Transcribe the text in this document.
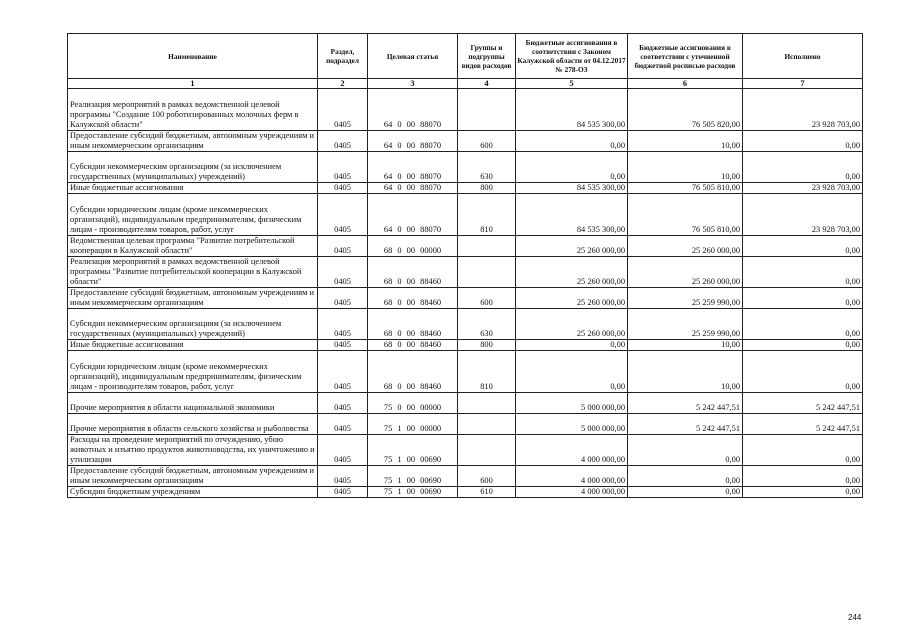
Наименование	Раздел, подраздел	Целевая статья	Группы и подгруппы видов расходов	Бюджетные ассигнования в соответствии с Законом Калужской области от 04.12.2017 № 278-ОЗ	Бюджетные ассигнования в соответствии с уточненной бюджетной росписью расходов	Исполнено
1	2	3	4	5	6	7
Реализация мероприятий в рамках ведомственной целевой программы "Создание 100 роботизированных молочных ферм в Калужской области"	0405	64 0 00 88070		84 535 300,00	76 505 820,00	23 928 703,00
Предоставление субсидий бюджетным, автономным учреждениям и иным некоммерческим организациям	0405	64 0 00 88070	600	0,00	10,00	0,00
Субсидии некоммерческим организациям (за исключением государственных (муниципальных) учреждений)	0405	64 0 00 88070	630	0,00	10,00	0,00
Иные бюджетные ассигнования	0405	64 0 00 88070	800	84 535 300,00	76 505 810,00	23 928 703,00
Субсидии юридическим лицам (кроме некоммерческих организаций), индивидуальным предпринимателям, физическим лицам - производителям товаров, работ, услуг	0405	64 0 00 88070	810	84 535 300,00	76 505 810,00	23 928 703,00
Ведомственная целевая программа "Развитие потребительской кооперации в Калужской области"	0405	68 0 00 00000		25 260 000,00	25 260 000,00	0,00
Реализация мероприятий в рамках ведомственной целевой программы "Развитие потребительской кооперации в Калужской области"	0405	68 0 00 88460		25 260 000,00	25 260 000,00	0,00
Предоставление субсидий бюджетным, автономным учреждениям и иным некоммерческим организациям	0405	68 0 00 88460	600	25 260 000,00	25 259 990,00	0,00
Субсидии некоммерческим организациям (за исключением государственных (муниципальных) учреждений)	0405	68 0 00 88460	630	25 260 000,00	25 259 990,00	0,00
Иные бюджетные ассигнования	0405	68 0 00 88460	800	0,00	10,00	0,00
Субсидии юридическим лицам (кроме некоммерческих организаций), индивидуальным предпринимателям, физическим лицам - производителям товаров, работ, услуг	0405	68 0 00 88460	810	0,00	10,00	0,00
Прочие мероприятия в области национальной экономики	0405	75 0 00 00000		5 000 000,00	5 242 447,51	5 242 447,51
Прочие мероприятия в области сельского хозяйства и рыболовства	0405	75 1 00 00000		5 000 000,00	5 242 447,51	5 242 447,51
Расходы на проведение мероприятий по отчуждению, убою животных и изъятию продуктов животноводства, их уничтожению и утилизации	0405	75 1 00 00690		4 000 000,00	0,00	0,00
Предоставление субсидий бюджетным, автономным учреждениям и иным некоммерческим организациям	0405	75 1 00 00690	600	4 000 000,00	0,00	0,00
Субсидии бюджетным учреждениям	0405	75 1 00 00690	610	4 000 000,00	0,00	0,00
244
